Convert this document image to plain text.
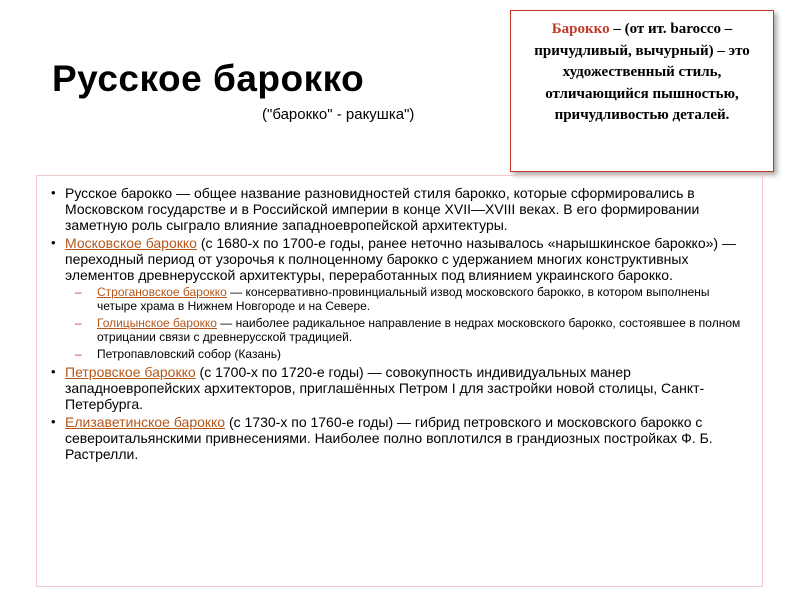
Русское барокко
("барокко" - ракушка")
Барокко – (от ит. barocco – причудливый, вычурный) – это художественный стиль, отличающийся пышностью, причудливостью деталей.
• Русское барокко — общее название разновидностей стиля барокко, которые сформировались в Московском государстве и в Российской империи в конце XVII—XVIII веках. В его формировании заметную роль сыграло влияние западноевропейской архитектуры.
• Московское барокко (с 1680-х по 1700-е годы, ранее неточно называлось «нарышкинское барокко») — переходный период от узорочья к полноценному барокко с удержанием многих конструктивных элементов древнерусской архитектуры, переработанных под влиянием украинского барокко.
–	Строгановское барокко — консервативно-провинциальный извод московского барокко, в котором выполнены четыре храма в Нижнем Новгороде и на Севере.
–	Голицынское барокко — наиболее радикальное направление в недрах московского барокко, состоявшее в полном отрицании связи с древнерусской традицией.
–	Петропавловский собор (Казань)
• Петровское барокко (с 1700-х по 1720-е годы) — совокупность индивидуальных манер западноевропейских архитекторов, приглашённых Петром I для застройки новой столицы, Санкт-Петербурга.
• Елизаветинское барокко (с 1730-х по 1760-е годы) — гибрид петровского и московского барокко с североитальянскими привнесениями. Наиболее полно воплотился в грандиозных постройках Ф. Б. Растрелли.
